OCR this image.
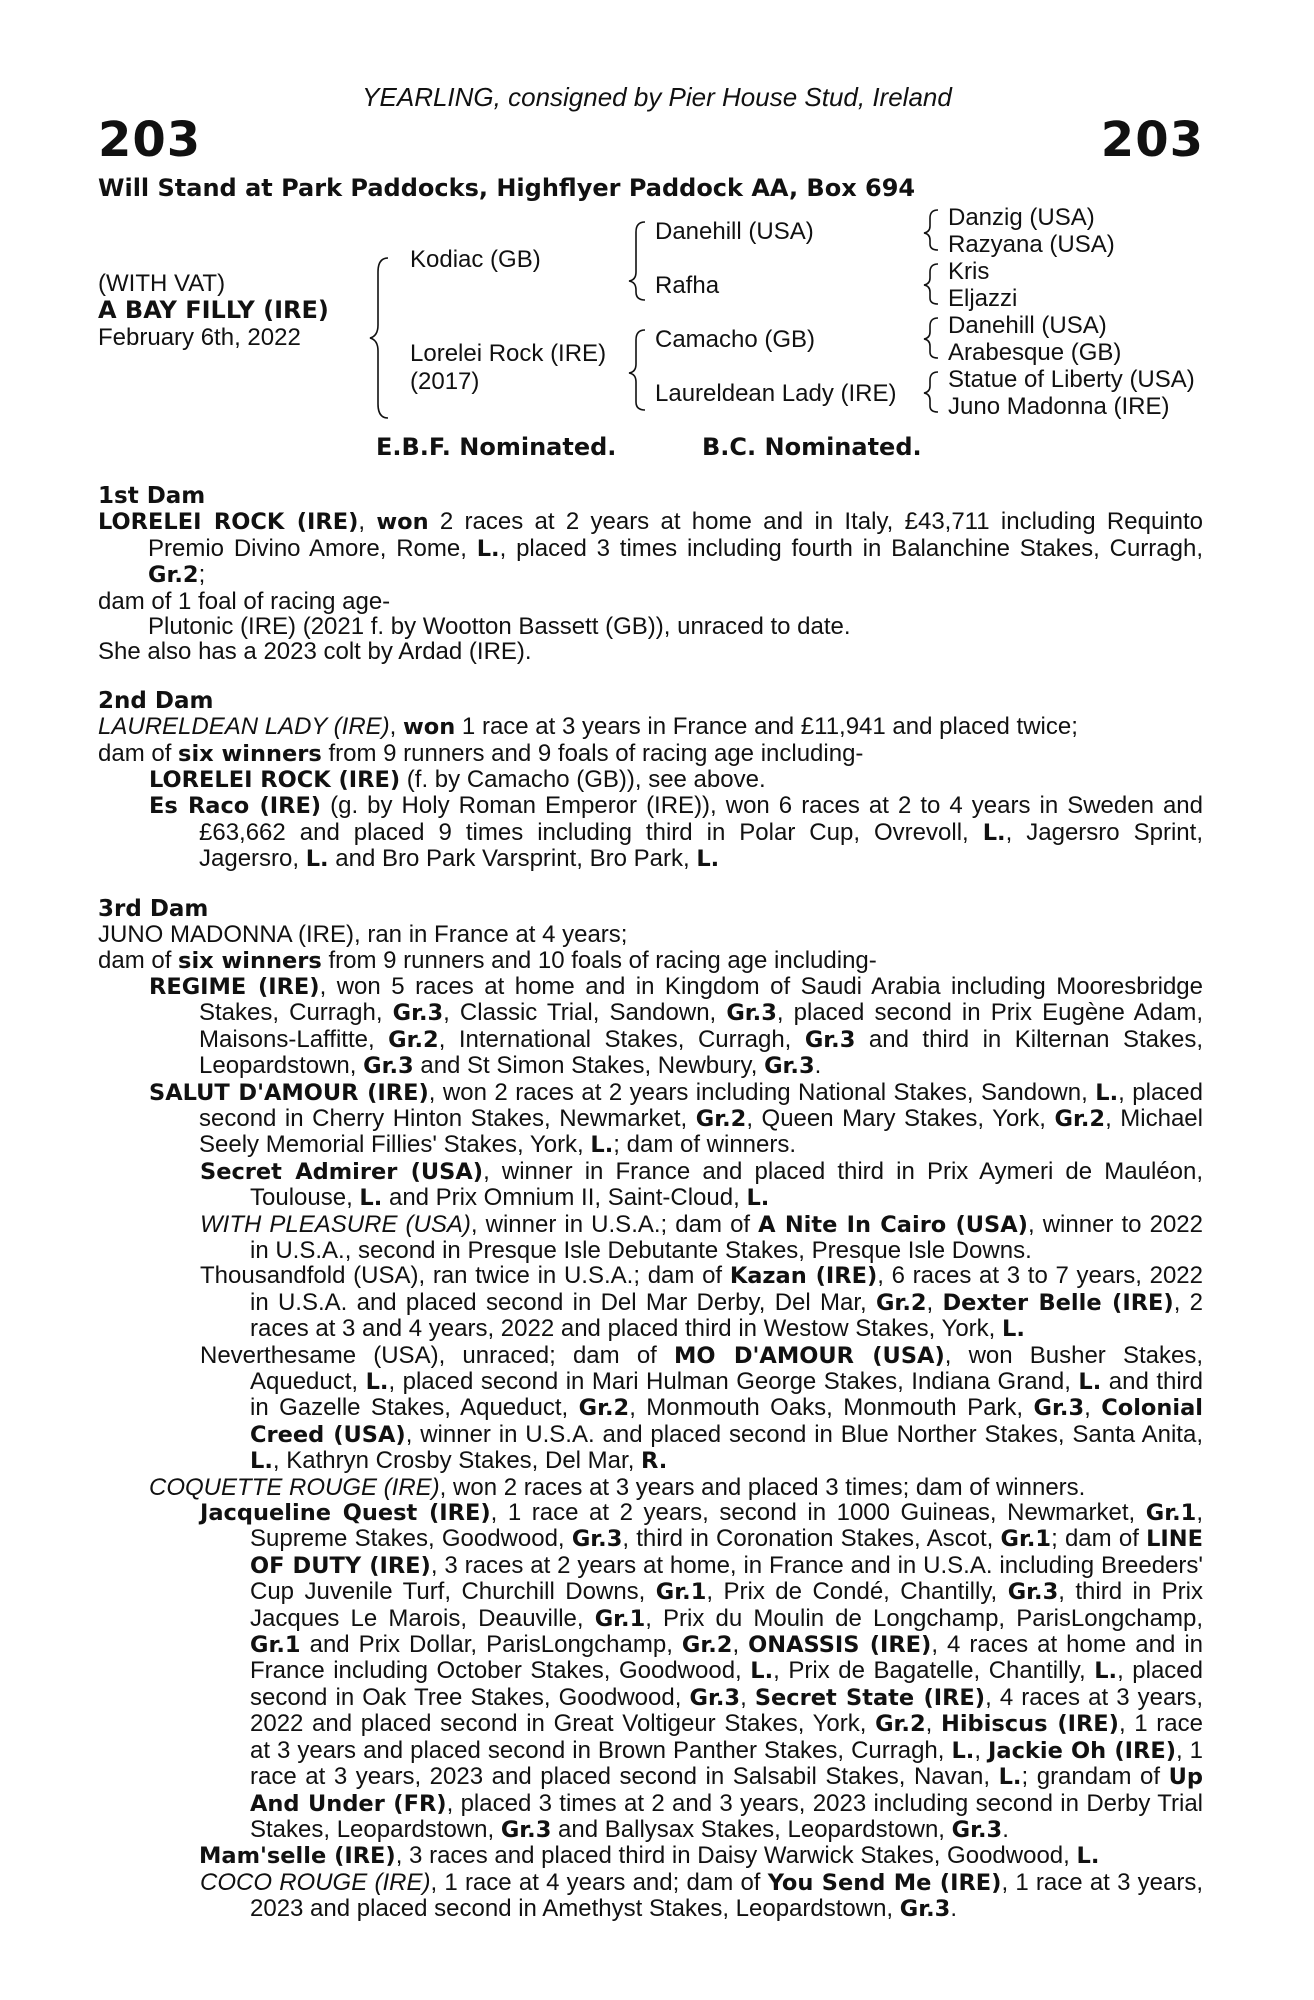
YEARLING, consigned by Pier House Stud, Ireland
203	203
Will Stand at Park Paddocks, Highflyer Paddock AA, Box 694
(WITH VAT)
A BAY FILLY (IRE)
February 6th, 2022
Kodiac (GB)
Lorelei Rock (IRE)
(2017)
Danehill (USA)
Rafha
Camacho (GB)
Laureldean Lady (IRE)
Danzig (USA)
Razyana (USA)
Kris
Eljazzi
Danehill (USA)
Arabesque (GB)
Statue of Liberty (USA)
Juno Madonna (IRE)
E.B.F. Nominated.	B.C. Nominated.
1st Dam
LORELEI ROCK (IRE), won 2 races at 2 years at home and in Italy, £43,711 including Requinto Premio Divino Amore, Rome, L., placed 3 times including fourth in Balanchine Stakes, Curragh, Gr.2;
dam of 1 foal of racing age-
Plutonic (IRE) (2021 f. by Wootton Bassett (GB)), unraced to date.
She also has a 2023 colt by Ardad (IRE).
2nd Dam
LAURELDEAN LADY (IRE), won 1 race at 3 years in France and £11,941 and placed twice;
dam of six winners from 9 runners and 9 foals of racing age including-
LORELEI ROCK (IRE) (f. by Camacho (GB)), see above.
Es Raco (IRE) (g. by Holy Roman Emperor (IRE)), won 6 races at 2 to 4 years in Sweden and £63,662 and placed 9 times including third in Polar Cup, Ovrevoll, L., Jagersro Sprint, Jagersro, L. and Bro Park Varsprint, Bro Park, L.
3rd Dam
JUNO MADONNA (IRE), ran in France at 4 years;
dam of six winners from 9 runners and 10 foals of racing age including-
REGIME (IRE), won 5 races at home and in Kingdom of Saudi Arabia including Mooresbridge Stakes, Curragh, Gr.3, Classic Trial, Sandown, Gr.3, placed second in Prix Eugène Adam, Maisons-Laffitte, Gr.2, International Stakes, Curragh, Gr.3 and third in Kilternan Stakes, Leopardstown, Gr.3 and St Simon Stakes, Newbury, Gr.3.
SALUT D'AMOUR (IRE), won 2 races at 2 years including National Stakes, Sandown, L., placed second in Cherry Hinton Stakes, Newmarket, Gr.2, Queen Mary Stakes, York, Gr.2, Michael Seely Memorial Fillies' Stakes, York, L.; dam of winners.
Secret Admirer (USA), winner in France and placed third in Prix Aymeri de Mauléon, Toulouse, L. and Prix Omnium II, Saint-Cloud, L.
WITH PLEASURE (USA), winner in U.S.A.; dam of A Nite In Cairo (USA), winner to 2022 in U.S.A., second in Presque Isle Debutante Stakes, Presque Isle Downs.
Thousandfold (USA), ran twice in U.S.A.; dam of Kazan (IRE), 6 races at 3 to 7 years, 2022 in U.S.A. and placed second in Del Mar Derby, Del Mar, Gr.2, Dexter Belle (IRE), 2 races at 3 and 4 years, 2022 and placed third in Westow Stakes, York, L.
Neverthesame (USA), unraced; dam of MO D'AMOUR (USA), won Busher Stakes, Aqueduct, L., placed second in Mari Hulman George Stakes, Indiana Grand, L. and third in Gazelle Stakes, Aqueduct, Gr.2, Monmouth Oaks, Monmouth Park, Gr.3, Colonial Creed (USA), winner in U.S.A. and placed second in Blue Norther Stakes, Santa Anita, L., Kathryn Crosby Stakes, Del Mar, R.
COQUETTE ROUGE (IRE), won 2 races at 3 years and placed 3 times; dam of winners.
Jacqueline Quest (IRE), 1 race at 2 years, second in 1000 Guineas, Newmarket, Gr.1, Supreme Stakes, Goodwood, Gr.3, third in Coronation Stakes, Ascot, Gr.1; dam of LINE OF DUTY (IRE), 3 races at 2 years at home, in France and in U.S.A. including Breeders' Cup Juvenile Turf, Churchill Downs, Gr.1, Prix de Condé, Chantilly, Gr.3, third in Prix Jacques Le Marois, Deauville, Gr.1, Prix du Moulin de Longchamp, ParisLongchamp, Gr.1 and Prix Dollar, ParisLongchamp, Gr.2, ONASSIS (IRE), 4 races at home and in France including October Stakes, Goodwood, L., Prix de Bagatelle, Chantilly, L., placed second in Oak Tree Stakes, Goodwood, Gr.3, Secret State (IRE), 4 races at 3 years, 2022 and placed second in Great Voltigeur Stakes, York, Gr.2, Hibiscus (IRE), 1 race at 3 years and placed second in Brown Panther Stakes, Curragh, L., Jackie Oh (IRE), 1 race at 3 years, 2023 and placed second in Salsabil Stakes, Navan, L.; grandam of Up And Under (FR), placed 3 times at 2 and 3 years, 2023 including second in Derby Trial Stakes, Leopardstown, Gr.3 and Ballysax Stakes, Leopardstown, Gr.3.
Mam'selle (IRE), 3 races and placed third in Daisy Warwick Stakes, Goodwood, L.
COCO ROUGE (IRE), 1 race at 4 years and; dam of You Send Me (IRE), 1 race at 3 years, 2023 and placed second in Amethyst Stakes, Leopardstown, Gr.3.
